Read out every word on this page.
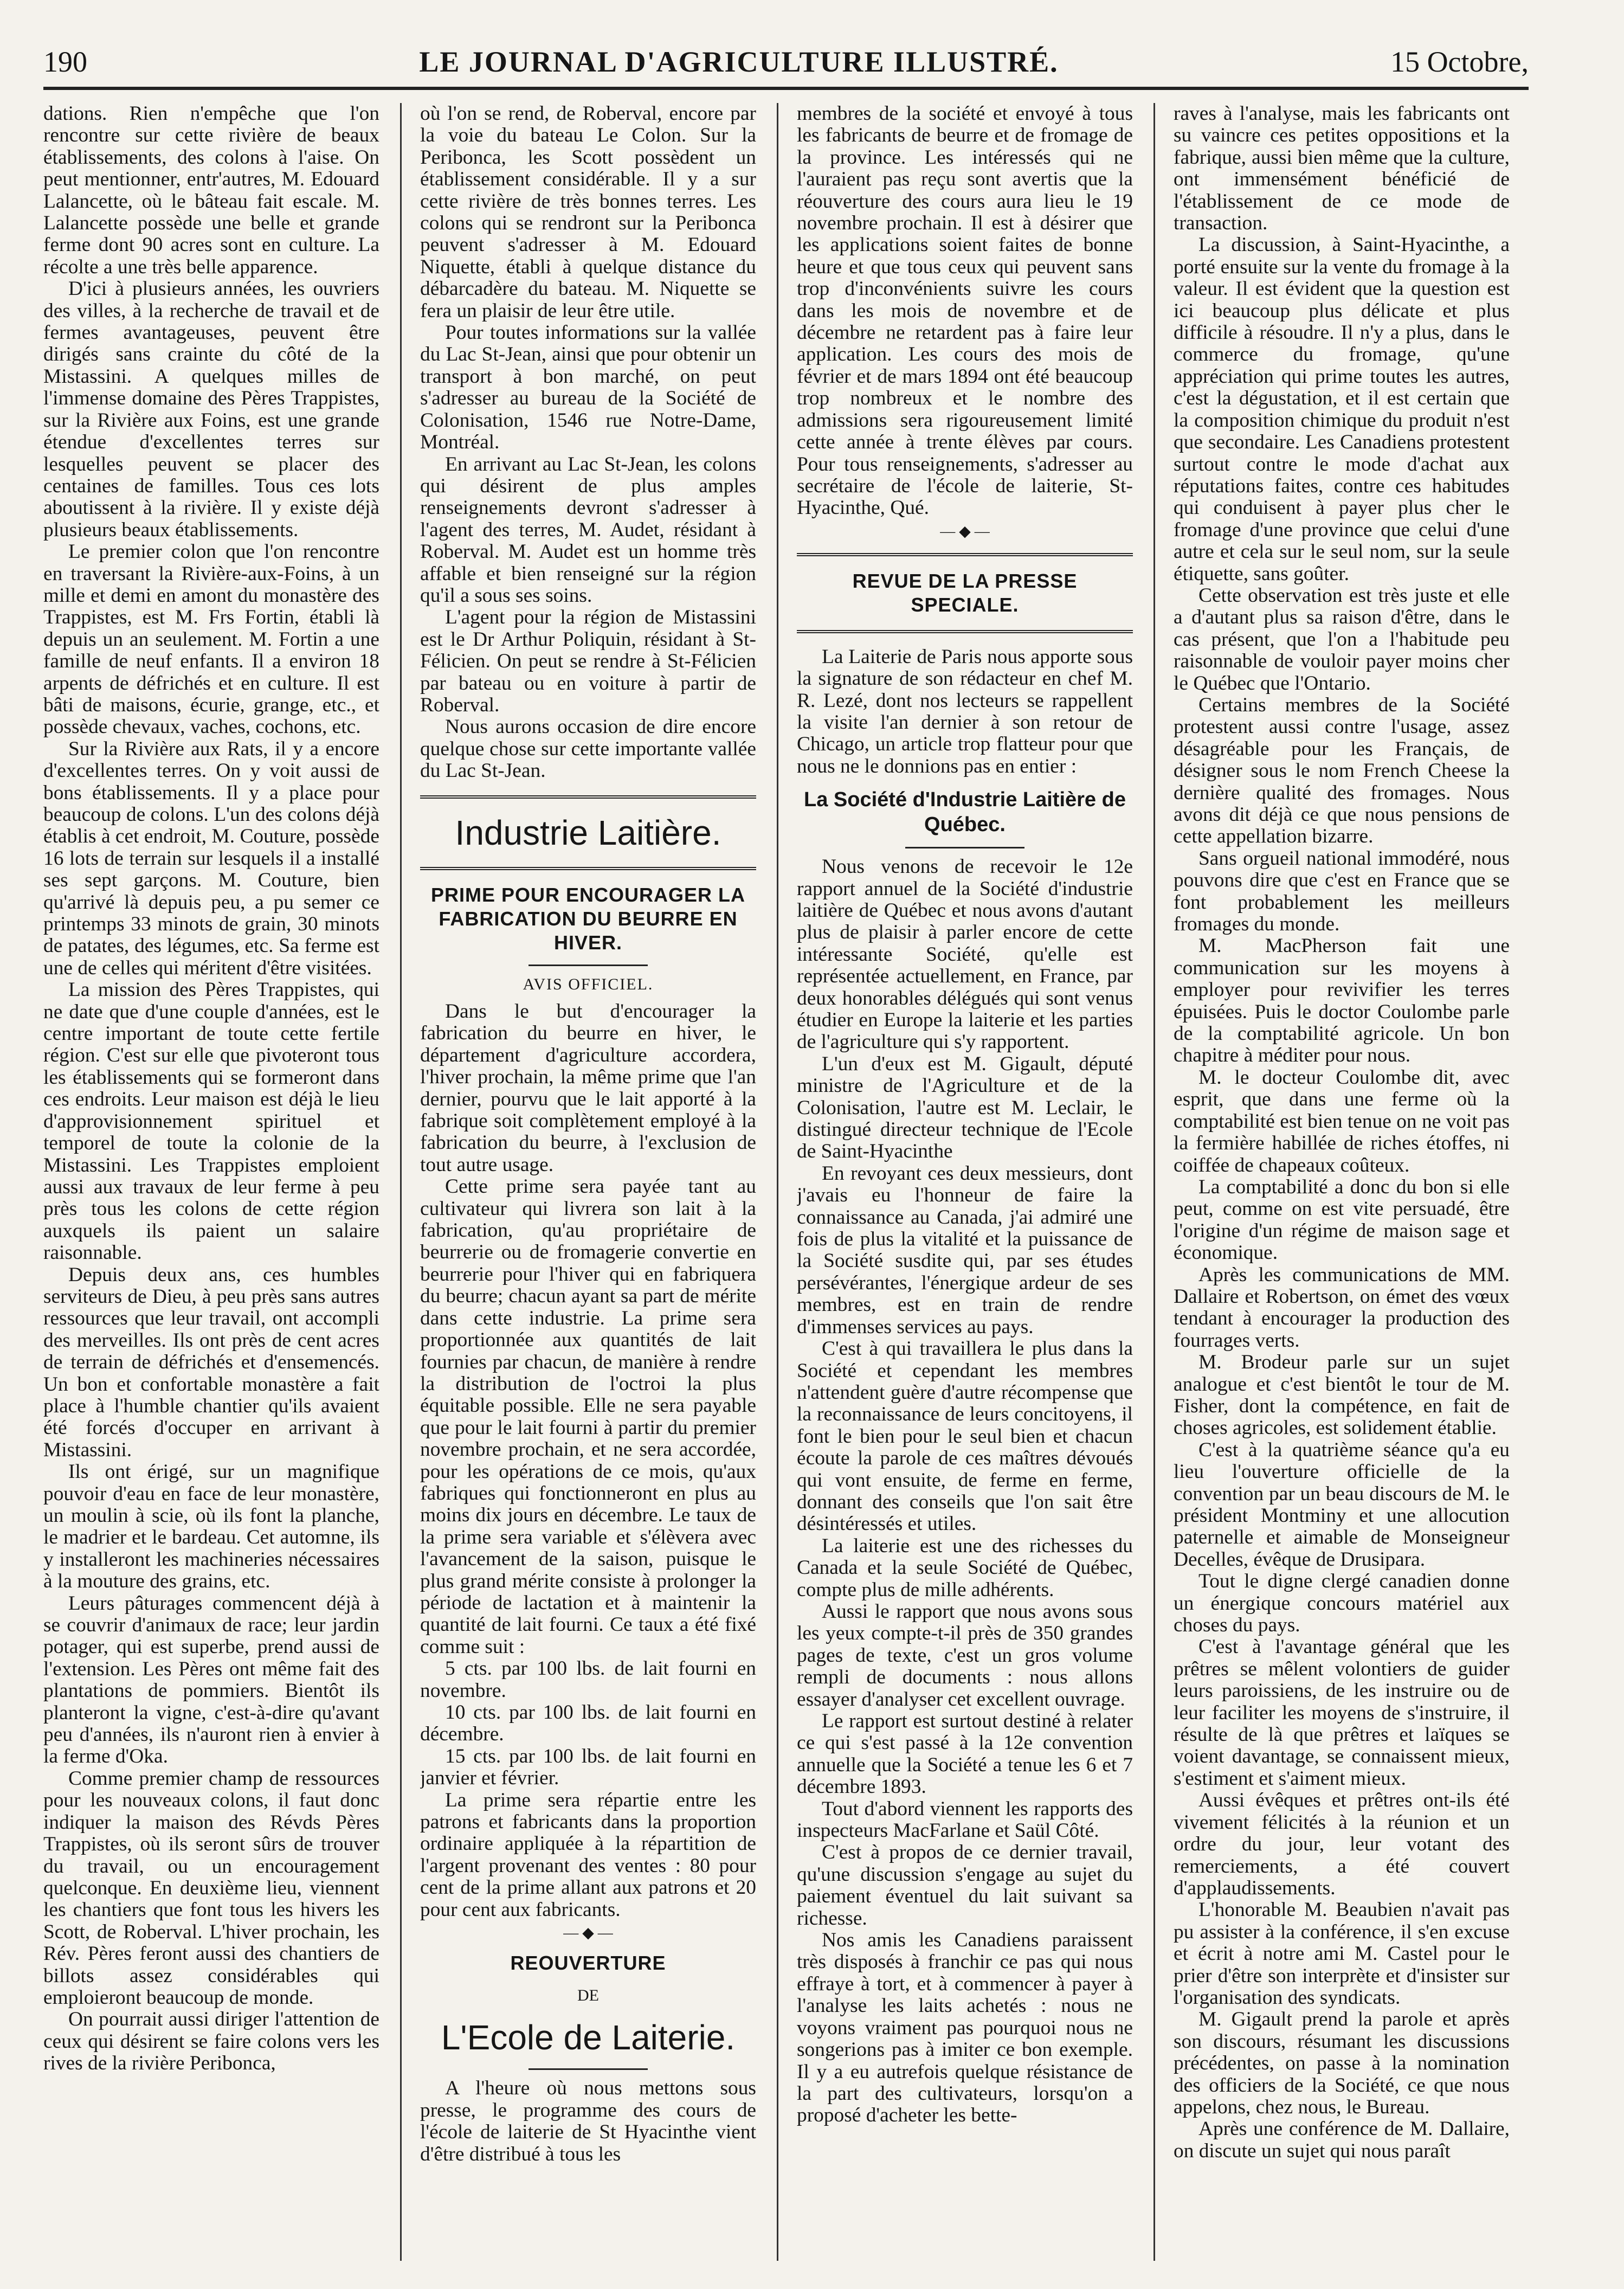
190	LE JOURNAL D'AGRICULTURE ILLUSTRÉ.	15 Octobre,

dations. Rien n'empêche que l'on rencontre sur cette rivière de beaux établissements, des colons à l'aise. On peut mentionner, entr'autres, M. Edouard Lalancette, où le bâteau fait escale. M. Lalancette possède une belle et grande ferme dont 90 acres sont en culture. La récolte a une très belle apparence.

D'ici à plusieurs années, les ouvriers des villes, à la recherche de travail et de fermes avantageuses, peuvent être dirigés sans crainte du côté de la Mistassini. A quelques milles de l'immense domaine des Pères Trappistes, sur la Rivière aux Foins, est une grande étendue d'excellentes terres sur lesquelles peuvent se placer des centaines de familles. Tous ces lots aboutissent à la rivière. Il y existe déjà plusieurs beaux établissements.

Le premier colon que l'on rencontre en traversant la Rivière-aux-Foins, à un mille et demi en amont du monastère des Trappistes, est M. Frs Fortin, établi là depuis un an seulement. M. Fortin a une famille de neuf enfants. Il a environ 18 arpents de défrichés et en culture. Il est bâti de maisons, écurie, grange, etc., et possède chevaux, vaches, cochons, etc.

Sur la Rivière aux Rats, il y a encore d'excellentes terres. On y voit aussi de bons établissements. Il y a place pour beaucoup de colons. L'un des colons déjà établis à cet endroit, M. Couture, possède 16 lots de terrain sur lesquels il a installé ses sept garçons. M. Couture, bien qu'arrivé là depuis peu, a pu semer ce printemps 33 minots de grain, 30 minots de patates, des légumes, etc. Sa ferme est une de celles qui méritent d'être visitées.

La mission des Pères Trappistes, qui ne date que d'une couple d'années, est le centre important de toute cette fertile région. C'est sur elle que pivoteront tous les établissements qui se formeront dans ces endroits. Leur maison est déjà le lieu d'approvisionnement spirituel et temporel de toute la colonie de la Mistassini. Les Trappistes emploient aussi aux travaux de leur ferme à peu près tous les colons de cette région auxquels ils paient un salaire raisonnable.

Depuis deux ans, ces humbles serviteurs de Dieu, à peu près sans autres ressources que leur travail, ont accompli des merveilles. Ils ont près de cent acres de terrain de défrichés et d'ensemencés. Un bon et confortable monastère a fait place à l'humble chantier qu'ils avaient été forcés d'occuper en arrivant à Mistassini.

Ils ont érigé, sur un magnifique pouvoir d'eau en face de leur monastère, un moulin à scie, où ils font la planche, le madrier et le bardeau. Cet automne, ils y installeront les machineries nécessaires à la mouture des grains, etc.

Leurs pâturages commencent déjà à se couvrir d'animaux de race; leur jardin potager, qui est superbe, prend aussi de l'extension. Les Pères ont même fait des plantations de pommiers. Bientôt ils planteront la vigne, c'est-à-dire qu'avant peu d'années, ils n'auront rien à envier à la ferme d'Oka.

Comme premier champ de ressources pour les nouveaux colons, il faut donc indiquer la maison des Révds Pères Trappistes, où ils seront sûrs de trouver du travail, ou un encouragement quelconque. En deuxième lieu, viennent les chantiers que font tous les hivers les Scott, de Roberval. L'hiver prochain, les Rév. Pères feront aussi des chantiers de billots assez considérables qui emploieront beaucoup de monde.

On pourrait aussi diriger l'attention de ceux qui désirent se faire colons vers les rives de la rivière Peribonca,

où l'on se rend, de Roberval, encore par la voie du bateau Le Colon. Sur la Peribonca, les Scott possèdent un établissement considérable. Il y a sur cette rivière de très bonnes terres. Les colons qui se rendront sur la Peribonca peuvent s'adresser à M. Edouard Niquette, établi à quelque distance du débarcadère du bateau. M. Niquette se fera un plaisir de leur être utile.

Pour toutes informations sur la vallée du Lac St-Jean, ainsi que pour obtenir un transport à bon marché, on peut s'adresser au bureau de la Société de Colonisation, 1546 rue Notre-Dame, Montréal.

En arrivant au Lac St-Jean, les colons qui désirent de plus amples renseignements devront s'adresser à l'agent des terres, M. Audet, résidant à Roberval. M. Audet est un homme très affable et bien renseigné sur la région qu'il a sous ses soins.

L'agent pour la région de Mistassini est le Dr Arthur Poliquin, résidant à St-Félicien. On peut se rendre à St-Félicien par bateau ou en voiture à partir de Roberval.

Nous aurons occasion de dire encore quelque chose sur cette importante vallée du Lac St-Jean.

Industrie Laitière.
PRIME POUR ENCOURAGER LA FABRICATION DU BEURRE EN HIVER.
AVIS OFFICIEL.

Dans le but d'encourager la fabrication du beurre en hiver, le département d'agriculture accordera, l'hiver prochain, la même prime que l'an dernier, pourvu que le lait apporté à la fabrique soit complètement employé à la fabrication du beurre, à l'exclusion de tout autre usage.

Cette prime sera payée tant au cultivateur qui livrera son lait à la fabrication, qu'au propriétaire de beurrerie ou de fromagerie convertie en beurrerie pour l'hiver qui en fabriquera du beurre; chacun ayant sa part de mérite dans cette industrie. La prime sera proportionnée aux quantités de lait fournies par chacun, de manière à rendre la distribution de l'octroi la plus équitable possible. Elle ne sera payable que pour le lait fourni à partir du premier novembre prochain, et ne sera accordée, pour les opérations de ce mois, qu'aux fabriques qui fonctionneront en plus au moins dix jours en décembre. Le taux de la prime sera variable et s'élèvera avec l'avancement de la saison, puisque le plus grand mérite consiste à prolonger la période de lactation et à maintenir la quantité de lait fourni. Ce taux a été fixé comme suit :

5 cts. par 100 lbs. de lait fourni en novembre.

10 cts. par 100 lbs. de lait fourni en décembre.

15 cts. par 100 lbs. de lait fourni en janvier et février.

La prime sera répartie entre les patrons et fabricants dans la proportion ordinaire appliquée à la répartition de l'argent provenant des ventes : 80 pour cent de la prime allant aux patrons et 20 pour cent aux fabricants.

— ◆ —
REOUVERTURE
DE
L'Ecole de Laiterie.

A l'heure où nous mettons sous presse, le programme des cours de l'école de laiterie de St Hyacinthe vient d'être distribué à tous les

membres de la société et envoyé à tous les fabricants de beurre et de fromage de la province. Les intéressés qui ne l'auraient pas reçu sont avertis que la réouverture des cours aura lieu le 19 novembre prochain. Il est à désirer que les applications soient faites de bonne heure et que tous ceux qui peuvent sans trop d'inconvénients suivre les cours dans les mois de novembre et de décembre ne retardent pas à faire leur application. Les cours des mois de février et de mars 1894 ont été beaucoup trop nombreux et le nombre des admissions sera rigoureusement limité cette année à trente élèves par cours. Pour tous renseignements, s'adresser au secrétaire de l'école de laiterie, St-Hyacinthe, Qué.

— ◆ —
REVUE DE LA PRESSE SPECIALE.

La Laiterie de Paris nous apporte sous la signature de son rédacteur en chef M. R. Lezé, dont nos lecteurs se rappellent la visite l'an dernier à son retour de Chicago, un article trop flatteur pour que nous ne le donnions pas en entier :

La Société d'Industrie Laitière de Québec.

Nous venons de recevoir le 12e rapport annuel de la Société d'industrie laitière de Québec et nous avons d'autant plus de plaisir à parler encore de cette intéressante Société, qu'elle est représentée actuellement, en France, par deux honorables délégués qui sont venus étudier en Europe la laiterie et les parties de l'agriculture qui s'y rapportent.

L'un d'eux est M. Gigault, député ministre de l'Agriculture et de la Colonisation, l'autre est M. Leclair, le distingué directeur technique de l'Ecole de Saint-Hyacinthe

En revoyant ces deux messieurs, dont j'avais eu l'honneur de faire la connaissance au Canada, j'ai admiré une fois de plus la vitalité et la puissance de la Société susdite qui, par ses études persévérantes, l'énergique ardeur de ses membres, est en train de rendre d'immenses services au pays.

C'est à qui travaillera le plus dans la Société et cependant les membres n'attendent guère d'autre récompense que la reconnaissance de leurs concitoyens, il font le bien pour le seul bien et chacun écoute la parole de ces maîtres dévoués qui vont ensuite, de ferme en ferme, donnant des conseils que l'on sait être désintéressés et utiles.

La laiterie est une des richesses du Canada et la seule Société de Québec, compte plus de mille adhérents.

Aussi le rapport que nous avons sous les yeux compte-t-il près de 350 grandes pages de texte, c'est un gros volume rempli de documents : nous allons essayer d'analyser cet excellent ouvrage.

Le rapport est surtout destiné à relater ce qui s'est passé à la 12e convention annuelle que la Société a tenue les 6 et 7 décembre 1893.

Tout d'abord viennent les rapports des inspecteurs MacFarlane et Saül Côté.

C'est à propos de ce dernier travail, qu'une discussion s'engage au sujet du paiement éventuel du lait suivant sa richesse.

Nos amis les Canadiens paraissent très disposés à franchir ce pas qui nous effraye à tort, et à commencer à payer à l'analyse les laits achetés : nous ne voyons vraiment pas pourquoi nous ne songerions pas à imiter ce bon exemple. Il y a eu autrefois quelque résistance de la part des cultivateurs, lorsqu'on a proposé d'acheter les bette-

raves à l'analyse, mais les fabricants ont su vaincre ces petites oppositions et la fabrique, aussi bien même que la culture, ont immensément bénéficié de l'établissement de ce mode de transaction.

La discussion, à Saint-Hyacinthe, a porté ensuite sur la vente du fromage à la valeur. Il est évident que la question est ici beaucoup plus délicate et plus difficile à résoudre. Il n'y a plus, dans le commerce du fromage, qu'une appréciation qui prime toutes les autres, c'est la dégustation, et il est certain que la composition chimique du produit n'est que secondaire. Les Canadiens protestent surtout contre le mode d'achat aux réputations faites, contre ces habitudes qui conduisent à payer plus cher le fromage d'une province que celui d'une autre et cela sur le seul nom, sur la seule étiquette, sans goûter.

Cette observation est très juste et elle a d'autant plus sa raison d'être, dans le cas présent, que l'on a l'habitude peu raisonnable de vouloir payer moins cher le Québec que l'Ontario.

Certains membres de la Société protestent aussi contre l'usage, assez désagréable pour les Français, de désigner sous le nom French Cheese la dernière qualité des fromages. Nous avons dit déjà ce que nous pensions de cette appellation bizarre.

Sans orgueil national immodéré, nous pouvons dire que c'est en France que se font probablement les meilleurs fromages du monde.

M. MacPherson fait une communication sur les moyens à employer pour revivifier les terres épuisées. Puis le doctor Coulombe parle de la comptabilité agricole. Un bon chapitre à méditer pour nous.

M. le docteur Coulombe dit, avec esprit, que dans une ferme où la comptabilité est bien tenue on ne voit pas la fermière habillée de riches étoffes, ni coiffée de chapeaux coûteux.

La comptabilité a donc du bon si elle peut, comme on est vite persuadé, être l'origine d'un régime de maison sage et économique.

Après les communications de MM. Dallaire et Robertson, on émet des vœux tendant à encourager la production des fourrages verts.

M. Brodeur parle sur un sujet analogue et c'est bientôt le tour de M. Fisher, dont la compétence, en fait de choses agricoles, est solidement établie.

C'est à la quatrième séance qu'a eu lieu l'ouverture officielle de la convention par un beau discours de M. le président Montminy et une allocution paternelle et aimable de Monseigneur Decelles, évêque de Drusipara.

Tout le digne clergé canadien donne un énergique concours matériel aux choses du pays.

C'est à l'avantage général que les prêtres se mêlent volontiers de guider leurs paroissiens, de les instruire ou de leur faciliter les moyens de s'instruire, il résulte de là que prêtres et laïques se voient davantage, se connaissent mieux, s'estiment et s'aiment mieux.

Aussi évêques et prêtres ont-ils été vivement félicités à la réunion et un ordre du jour, leur votant des remerciements, a été couvert d'applaudissements.

L'honorable M. Beaubien n'avait pas pu assister à la conférence, il s'en excuse et écrit à notre ami M. Castel pour le prier d'être son interprète et d'insister sur l'organisation des syndicats.

M. Gigault prend la parole et après son discours, résumant les discussions précédentes, on passe à la nomination des officiers de la Société, ce que nous appelons, chez nous, le Bureau.

Après une conférence de M. Dallaire, on discute un sujet qui nous paraît
